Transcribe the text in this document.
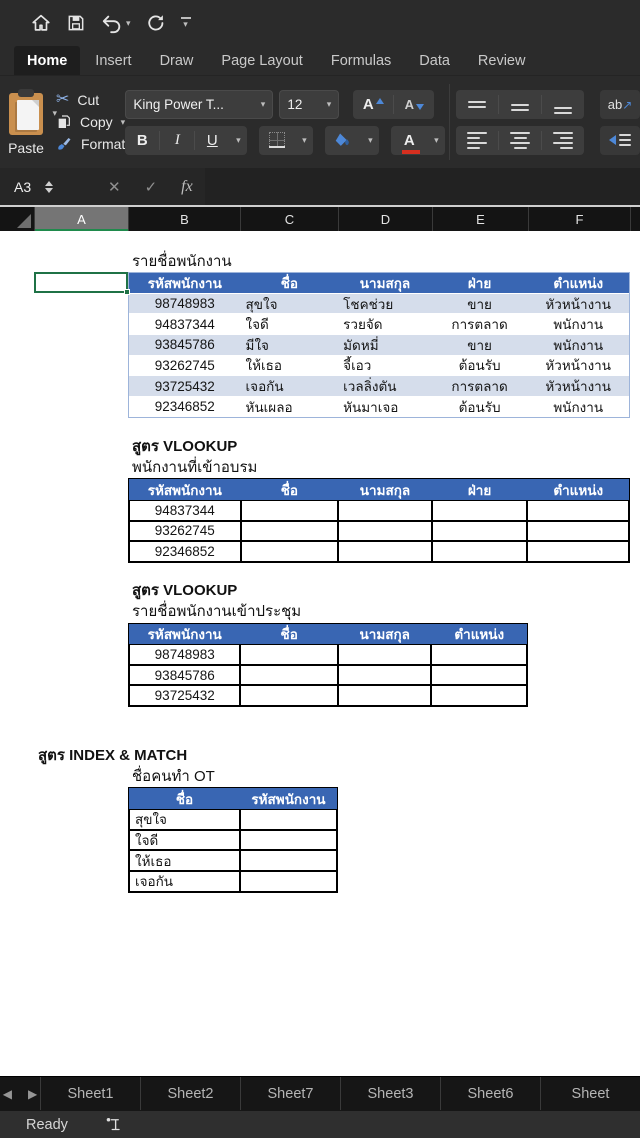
▾	▾
Home	Insert	Draw	Page Layout	Formulas	Data	Review
▾
Paste
✂ Cut
Copy ▾
Format
King Power T...	▾ 12	▾ A A
B I U ▾	▾	▾ A ▾
ab↗
A3	✕	✓	fx
A	B	C	D	E	F
รายชื่อพนักงาน
สูตร VLOOKUP
พนักงานที่เข้าอบรม
สูตร VLOOKUP
รายชื่อพนักงานเข้าประชุม
สูตร INDEX & MATCH
ชื่อคนทำ OT
รหัสพนักงาน	ชื่อ	นามสกุล	ฝ่าย	ตำแหน่ง
98748983	สุขใจ	โชคช่วย	ขาย	หัวหน้างาน
94837344	ใจดี	รวยจัด	การตลาด	พนักงาน
93845786	มีใจ	มัดหมี่	ขาย	พนักงาน
93262745	ให้เธอ	จี้เอว	ต้อนรับ	หัวหน้างาน
93725432	เจอกัน	เวลลิ่งตัน	การตลาด	หัวหน้างาน
92346852	หันเผลอ	หันมาเจอ	ต้อนรับ	พนักงาน
รหัสพนักงาน	ชื่อ	นามสกุล	ฝ่าย	ตำแหน่ง
94837344
93262745
92346852
รหัสพนักงาน	ชื่อ	นามสกุล	ตำแหน่ง
98748983
93845786
93725432
ชื่อ	รหัสพนักงาน
สุขใจ
ใจดี
ให้เธอ
เจอกัน
◀ ▶	Sheet1	Sheet2	Sheet7	Sheet3	Sheet6	Sheet
Ready
